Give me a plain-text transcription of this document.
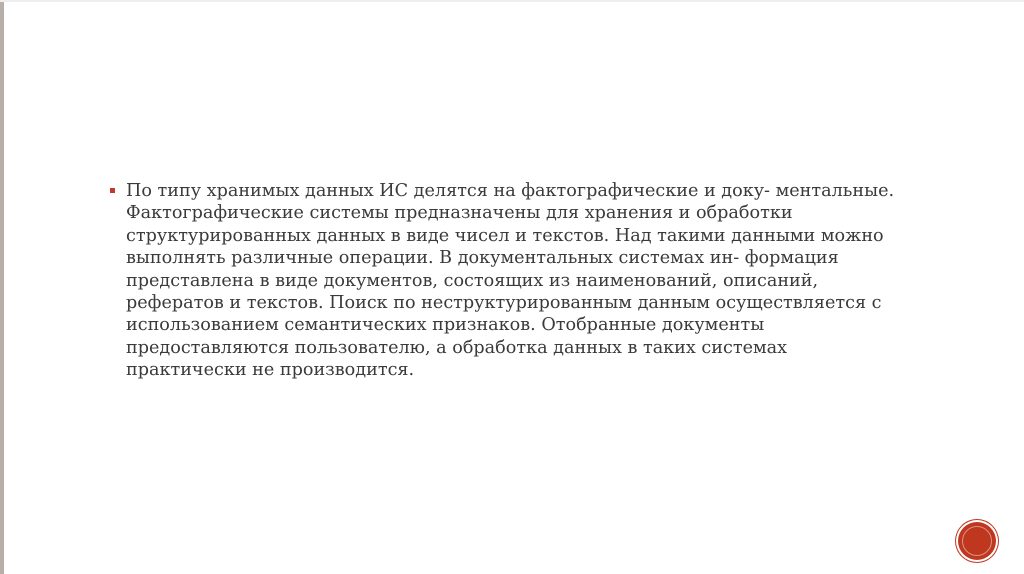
По типу хранимых данных ИС делятся на фактографические и доку- ментальные.
Фактографические системы предназначены для хранения и обработки
структурированных данных в виде чисел и текстов. Над такими данными можно
выполнять различные операции. В документальных системах ин- формация
представлена в виде документов, состоящих из наименований, описаний,
рефератов и текстов. Поиск по неструктурированным данным осуществляется с
использованием семантических признаков. Отобранные документы
предоставляются пользователю, а обработка данных в таких системах
практически не производится.
